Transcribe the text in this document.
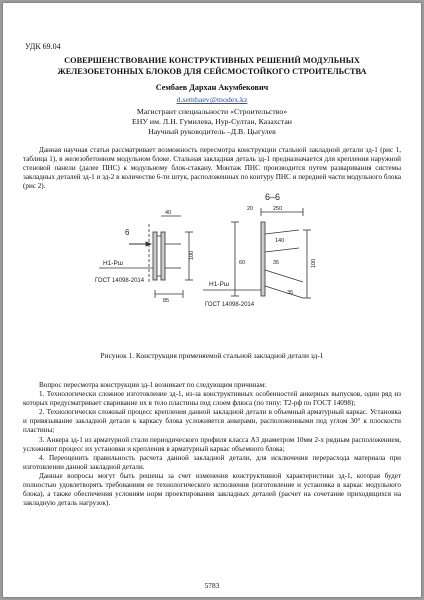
УДК 69.04

СОВЕРШЕНСТВОВАНИЕ КОНСТРУКТИВНЫХ РЕШЕНИЙ МОДУЛЬНЫХ
ЖЕЛЕЗОБЕТОННЫХ БЛОКОВ ДЛЯ СЕЙСМОСТОЙКОГО СТРОИТЕЛЬСТВА

Сембаев Дархан Акумбекович

d.sembaev@modex.kz

Магистрант специальности «Строительство»

ЕНУ им. Л.Н. Гумилева, Нур-Султан, Казахстан

Научный руководитель –Д.В. Цыгулев

Данная научная статья рассматривает возможность пересмотра конструкции стальной закладной детали зд-1 (рис 1, таблица 1), в железобетонном модульном блоке. Стальная закладная деталь зд-1 предназначается для крепления наружной стеновой панели (далее ПНС) к модульному блок-стакану. Монтаж ПНС производится путем разваривания системы закладных деталей зд-1 и зд-2 в количестве 6-ти штук, расположенных по контуру ПНС и передней части модульного блока (рис 2).

6
Н1-Рш
ГОСТ 14098-2014
85
40
100
6–6
Н1-Рш
ГОСТ 14098-2014
20	250
140
35
60	100
35

Рисунок 1. Конструкция применяемой стальной закладной детали зд-1

Вопрос пересмотра конструкции зд-1 возникает по следующим причинам:
1. Технологически сложное изготовление зд-1, из-за конструктивных особенностей анкерных выпусков, один ряд из которых предусматривает сваривание их в тело пластины под слоем флюса (по типу: Т2-рф по ГОСТ 14098);
2. Технологически сложный процесс крепления данной закладной детали в объемный арматурный каркас. Установка и привязывание закладной детали к каркасу блока усложняется анкерами, расположенными под углом 30° к плоскости пластины;
3. Анкера зд-1 из арматурной стали периодического профиля класса А3 диаметром 10мм 2-х рядным расположением, усложняют процесс их установки и крепления в арматурный каркас объемного блока;
4. Переоценить правильность расчета данной закладной детали, для исключения перерасхода материала при изготовлении данной закладной детали.
Данные вопросы могут быть решены за счет изменения конструктивной характеристики зд-1, которая будет полностью удовлетворять требованиям ее технологического исполнения (изготовление и установка в каркас модульного блока), а также обеспечения условиям норм проектирования закладных деталей (расчет на сочетание приходящихся на закладную деталь нагрузок).

5783
